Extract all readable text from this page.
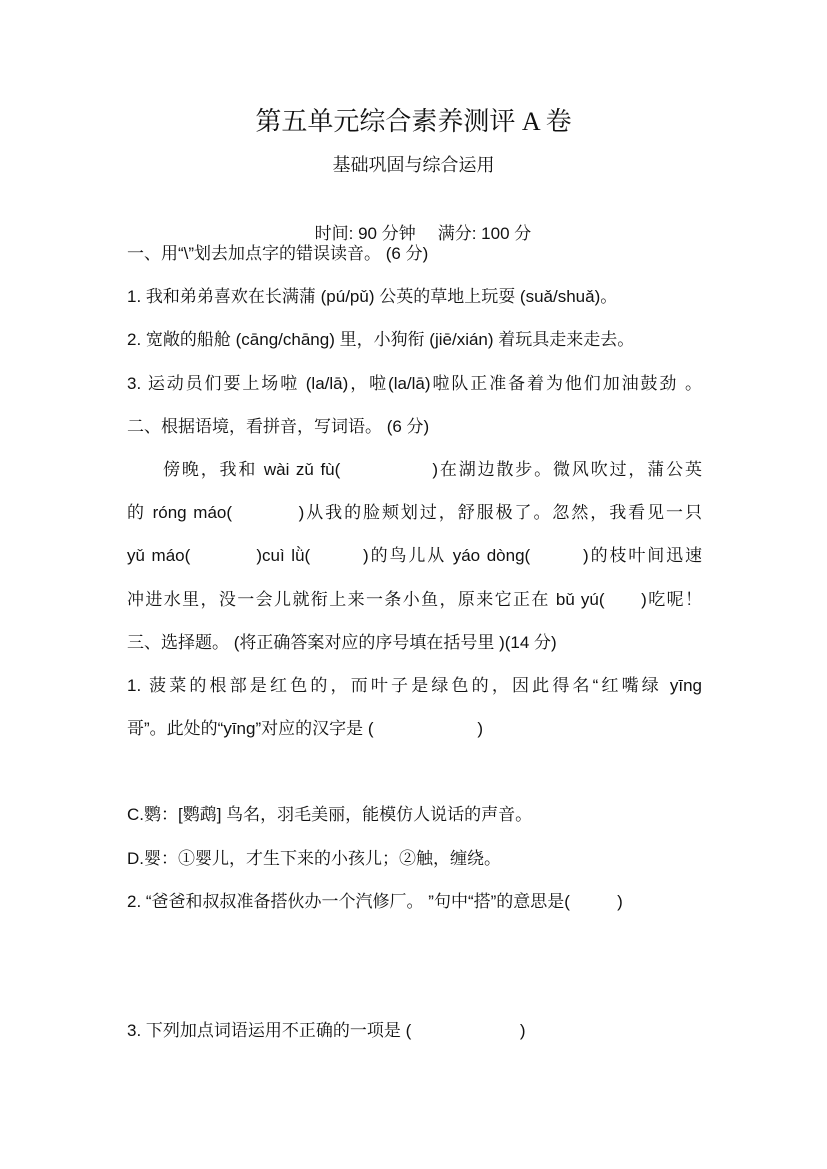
第五单元综合素养测评 A 卷
基础巩固与综合运用

时间: 90 分钟 满分: 100 分

一、用“\”划去加点字的错误读音。 (6 分)
1. 我和弟弟喜欢在长满蒲 (pú/pǔ) 公英的草地上玩耍 (suǎ/shuǎ)。
2. 宽敞的船舱 (cāng/chāng) 里，小狗衔 (jiē/xián) 着玩具走来走去。
3. 运动员们要上场啦 (la/lā)，啦(la/lā)啦队正准备着为他们加油鼓劲 。
二、根据语境，看拼音，写词语。 (6 分)
傍晚，我和 wài zǔ fù(              )在湖边散步。微风吹过，蒲公英
的 róng máo(          )从我的脸颊划过，舒服极了。忽然，我看见一只
yǔ máo(          )cuì lǜ(        )的鸟儿从 yáo dòng(        )的枝叶间迅速
冲进水里，没一会儿就衔上来一条小鱼，原来它正在 bǔ yú(      )吃呢！
三、选择题。 (将正确答案对应的序号填在括号里 )(14 分)
1. 菠菜的根部是红色的，而叶子是绿色的，因此得名“红嘴绿 yīng
哥”。此处的“yīng”对应的汉字是 (                      )

C.鹦：[鹦鹉] 鸟名，羽毛美丽，能模仿人说话的声音。
D.婴：①婴儿，才生下来的小孩儿；②触，缠绕。
2. “爸爸和叔叔准备搭伙办一个汽修厂。 ”句中“搭”的意思是(          )

3. 下列加点词语运用不正确的一项是 (                       )
